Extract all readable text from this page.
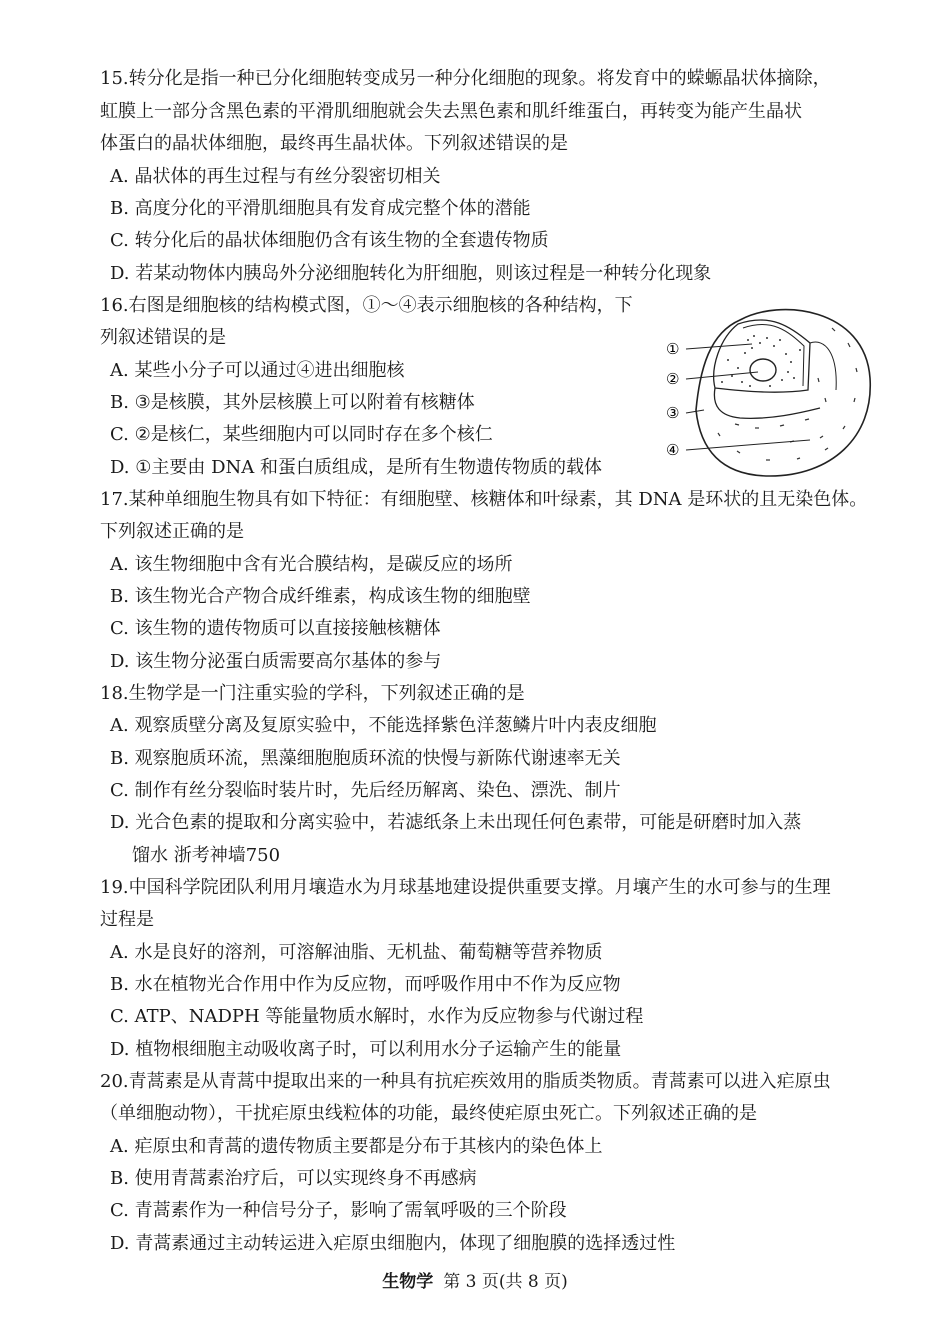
15.转分化是指一种已分化细胞转变成另一种分化细胞的现象。将发育中的蝾螈晶状体摘除，
虹膜上一部分含黑色素的平滑肌细胞就会失去黑色素和肌纤维蛋白，再转变为能产生晶状
体蛋白的晶状体细胞，最终再生晶状体。下列叙述错误的是
A. 晶状体的再生过程与有丝分裂密切相关
B. 高度分化的平滑肌细胞具有发育成完整个体的潜能
C. 转分化后的晶状体细胞仍含有该生物的全套遗传物质
D. 若某动物体内胰岛外分泌细胞转化为肝细胞，则该过程是一种转分化现象
16.右图是细胞核的结构模式图，①～④表示细胞核的各种结构，下
列叙述错误的是
A. 某些小分子可以通过④进出细胞核
B. ③是核膜，其外层核膜上可以附着有核糖体
C. ②是核仁，某些细胞内可以同时存在多个核仁
D. ①主要由 DNA 和蛋白质组成，是所有生物遗传物质的载体
①
②
③
④
17.某种单细胞生物具有如下特征：有细胞壁、核糖体和叶绿素，其 DNA 是环状的且无染色体。
下列叙述正确的是
A. 该生物细胞中含有光合膜结构，是碳反应的场所
B. 该生物光合产物合成纤维素，构成该生物的细胞壁
C. 该生物的遗传物质可以直接接触核糖体
D. 该生物分泌蛋白质需要高尔基体的参与
18.生物学是一门注重实验的学科，下列叙述正确的是
A. 观察质壁分离及复原实验中，不能选择紫色洋葱鳞片叶内表皮细胞
B. 观察胞质环流，黑藻细胞胞质环流的快慢与新陈代谢速率无关
C. 制作有丝分裂临时装片时，先后经历解离、染色、漂洗、制片
D. 光合色素的提取和分离实验中，若滤纸条上未出现任何色素带，可能是研磨时加入蒸
馏水 浙考神墙750
19.中国科学院团队利用月壤造水为月球基地建设提供重要支撑。月壤产生的水可参与的生理
过程是
A. 水是良好的溶剂，可溶解油脂、无机盐、葡萄糖等营养物质
B. 水在植物光合作用中作为反应物，而呼吸作用中不作为反应物
C. ATP、NADPH 等能量物质水解时，水作为反应物参与代谢过程
D. 植物根细胞主动吸收离子时，可以利用水分子运输产生的能量
20.青蒿素是从青蒿中提取出来的一种具有抗疟疾效用的脂质类物质。青蒿素可以进入疟原虫
（单细胞动物），干扰疟原虫线粒体的功能，最终使疟原虫死亡。下列叙述正确的是
A. 疟原虫和青蒿的遗传物质主要都是分布于其核内的染色体上
B. 使用青蒿素治疗后，可以实现终身不再感病
C. 青蒿素作为一种信号分子，影响了需氧呼吸的三个阶段
D. 青蒿素通过主动转运进入疟原虫细胞内，体现了细胞膜的选择透过性
生物学 第 3 页(共 8 页)
